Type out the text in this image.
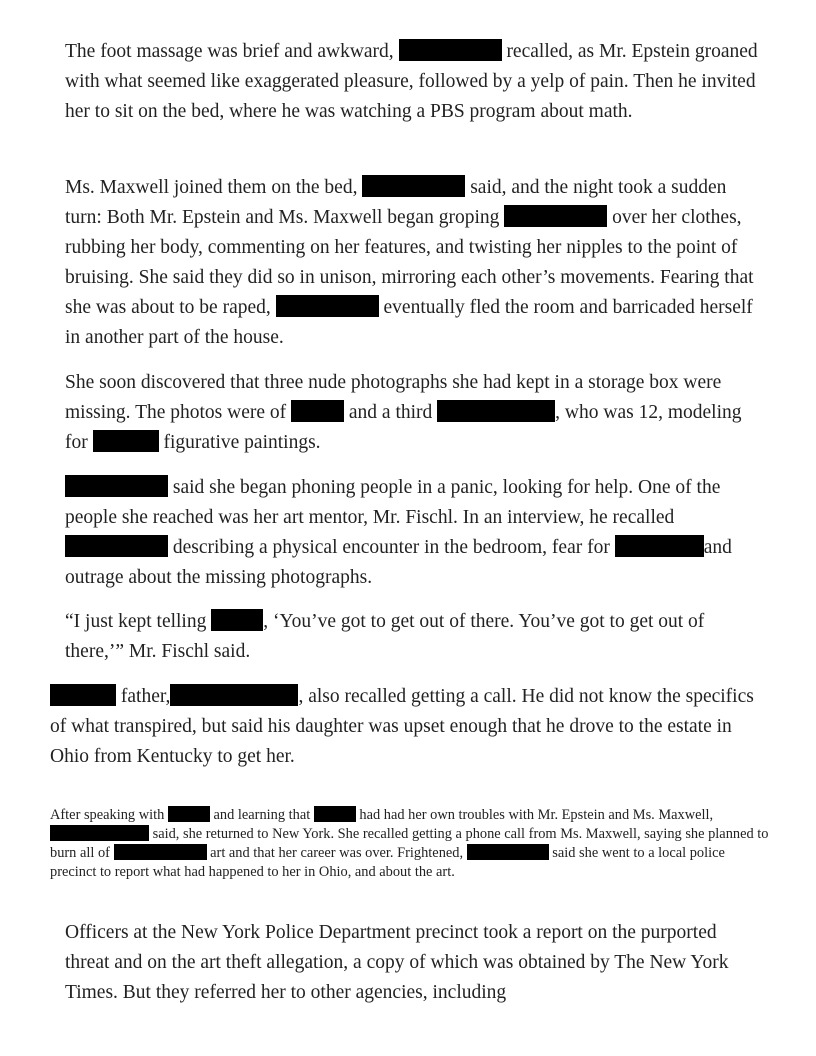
The foot massage was brief and awkward,	recalled, as Mr. Epstein groaned with what seemed like exaggerated pleasure, followed by a yelp of pain. Then he invited her to sit on the bed, where he was watching a PBS program about math.

Ms. Maxwell joined them on the bed,	said, and the night took a sudden turn: Both Mr. Epstein and Ms. Maxwell began groping	over her clothes, rubbing her body, commenting on her features, and twisting her nipples to the point of bruising. She said they did so in unison, mirroring each other’s movements. Fearing that she was about to be raped,	eventually fled the room and barricaded herself in another part of the house.

She soon discovered that three nude photographs she had kept in a storage box were missing. The photos were of	and a third	, who was 12, modeling for	figurative paintings.

said she began phoning people in a panic, looking for help. One of the people she reached was her art mentor, Mr. Fischl. In an interview, he recalled  describing a physical encounter in the bedroom, fear for	and outrage about the missing photographs.

“I just kept telling	, ‘You’ve got to get out of there. You’ve got to get out of there,’” Mr. Fischl said.

father,	, also recalled getting a call. He did not know the specifics of what transpired, but said his daughter was upset enough that he drove to the estate in Ohio from Kentucky to get her.

After speaking with	and learning that	had had her own troubles with Mr. Epstein and Ms. Maxwell,  said, she returned to New York. She recalled getting a phone call from Ms. Maxwell, saying she planned to burn all of	art and that her career was over. Frightened,	said she went to a local police precinct to report what had happened to her in Ohio, and about the art.

Officers at the New York Police Department precinct took a report on the purported threat and on the art theft allegation, a copy of which was obtained by The New York Times. But they referred her to other agencies, including
